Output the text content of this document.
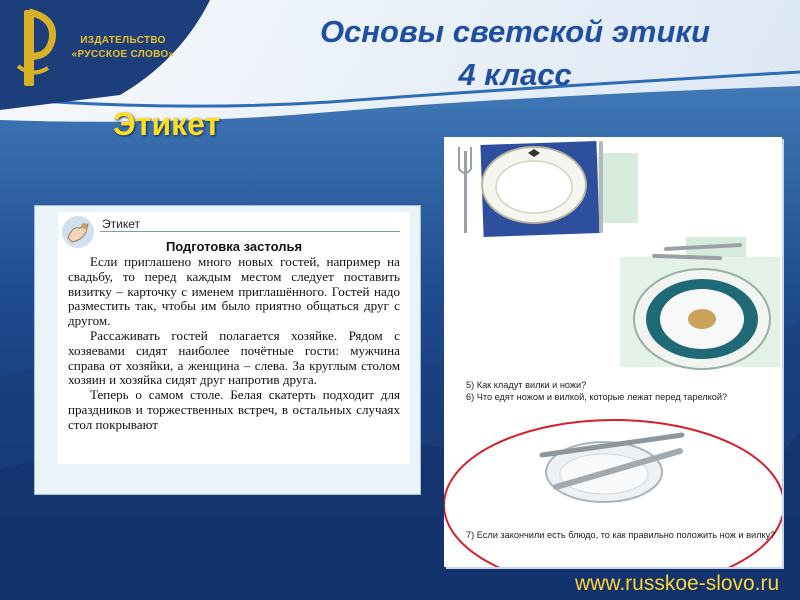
ИЗДАТЕЛЬСТВО
«РУССКОЕ СЛОВО»
Основы светской этики
4 класс
Этикет
Этикет
Подготовка застолья

Если приглашено много новых гостей, например на свадьбу, то перед каждым местом следует поставить визитку – карточку с именем приглашённого. Гостей надо разместить так, чтобы им было приятно общаться друг с другом.

Рассаживать гостей полагается хозяйке. Рядом с хозяевами сидят наиболее почётные гости: мужчина справа от хозяйки, а женщина – слева. За круглым столом хозяин и хозяйка сидят друг напротив друга.

Теперь о самом столе. Белая скатерть подходит для праздников и торжественных встреч, в остальных случаях стол покрывают

5) Как кладут вилки и ножи?
6) Что едят ножом и вилкой, которые лежат перед тарелкой?
7) Если закончили есть блюдо, то как правильно положить нож и вилку?
www.russkoe-slovo.ru
